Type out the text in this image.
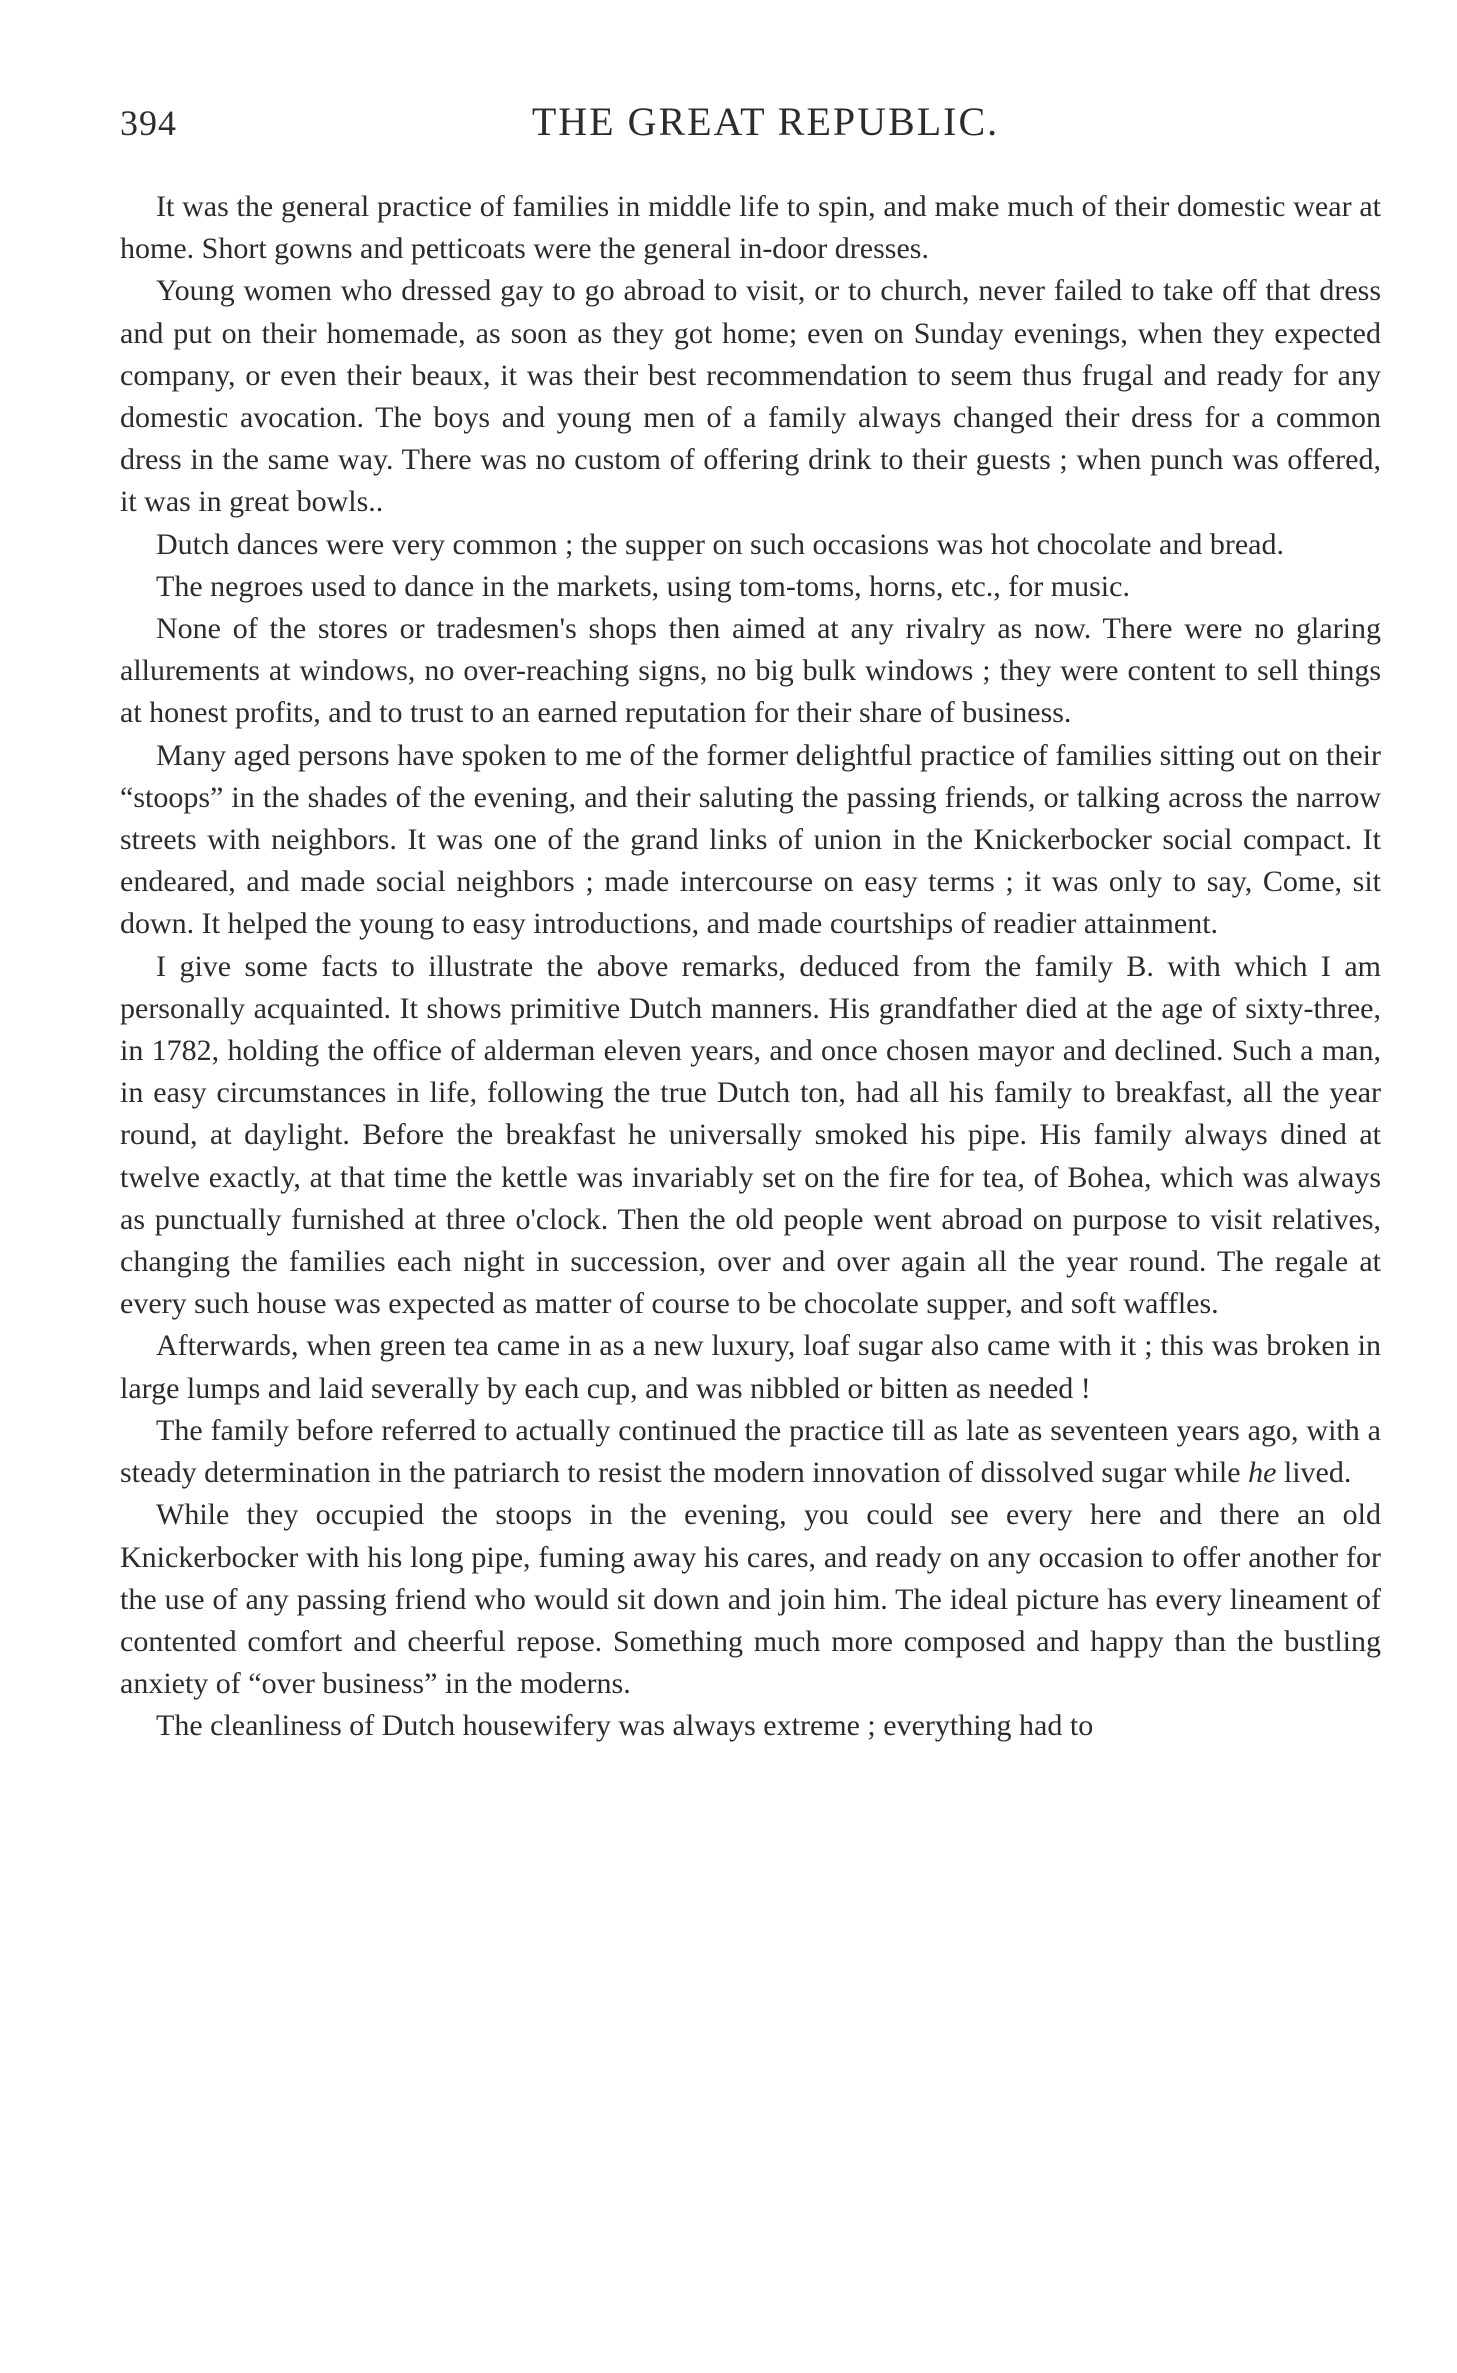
394	THE GREAT REPUBLIC.

It was the general practice of families in middle life to spin, and make much of their domestic wear at home. Short gowns and petticoats were the general in-door dresses.

Young women who dressed gay to go abroad to visit, or to church, never failed to take off that dress and put on their homemade, as soon as they got home; even on Sunday evenings, when they expected company, or even their beaux, it was their best recommendation to seem thus frugal and ready for any domestic avocation. The boys and young men of a family always changed their dress for a common dress in the same way. There was no custom of offering drink to their guests ; when punch was offered, it was in great bowls..

Dutch dances were very common ; the supper on such occasions was hot chocolate and bread.

The negroes used to dance in the markets, using tom-toms, horns, etc., for music.

None of the stores or tradesmen's shops then aimed at any rivalry as now. There were no glaring allurements at windows, no over-reaching signs, no big bulk windows ; they were content to sell things at honest profits, and to trust to an earned reputation for their share of business.

Many aged persons have spoken to me of the former delightful practice of families sitting out on their “stoops” in the shades of the evening, and their saluting the passing friends, or talking across the narrow streets with neighbors. It was one of the grand links of union in the Knickerbocker social compact. It endeared, and made social neighbors ; made intercourse on easy terms ; it was only to say, Come, sit down. It helped the young to easy introductions, and made courtships of readier attainment.

I give some facts to illustrate the above remarks, deduced from the family B. with which I am personally acquainted. It shows primitive Dutch manners. His grandfather died at the age of sixty-three, in 1782, holding the office of alderman eleven years, and once chosen mayor and declined. Such a man, in easy circumstances in life, following the true Dutch ton, had all his family to breakfast, all the year round, at daylight. Before the breakfast he universally smoked his pipe. His family always dined at twelve exactly, at that time the kettle was invariably set on the fire for tea, of Bohea, which was always as punctually furnished at three o'clock. Then the old people went abroad on purpose to visit relatives, changing the families each night in succession, over and over again all the year round. The regale at every such house was expected as matter of course to be chocolate supper, and soft waffles.

Afterwards, when green tea came in as a new luxury, loaf sugar also came with it ; this was broken in large lumps and laid severally by each cup, and was nibbled or bitten as needed !

The family before referred to actually continued the practice till as late as seventeen years ago, with a steady determination in the patriarch to resist the modern innovation of dissolved sugar while he lived.

While they occupied the stoops in the evening, you could see every here and there an old Knickerbocker with his long pipe, fuming away his cares, and ready on any occasion to offer another for the use of any passing friend who would sit down and join him. The ideal picture has every lineament of contented comfort and cheerful repose. Something much more composed and happy than the bustling anxiety of “over business” in the moderns.

The cleanliness of Dutch housewifery was always extreme ; everything had to
